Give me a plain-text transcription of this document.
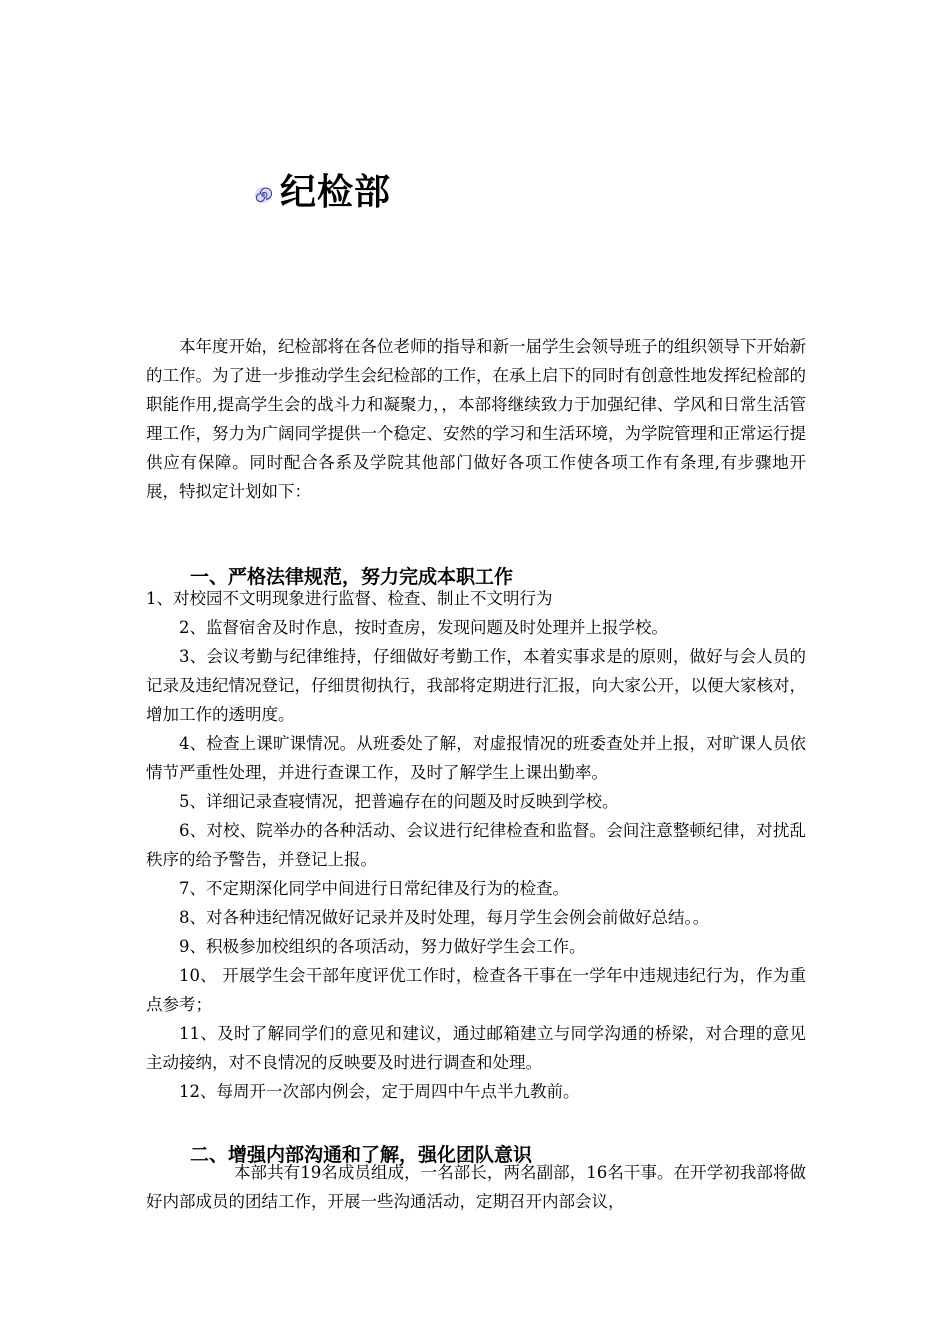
纪检部

本年度开始，纪检部将在各位老师的指导和新一届学生会领导班子的组织领导下开始新的工作。为了进一步推动学生会纪检部的工作，在承上启下的同时有创意性地发挥纪检部的职能作用,提高学生会的战斗力和凝聚力，，本部将继续致力于加强纪律、学风和日常生活管理工作，努力为广阔同学提供一个稳定、安然的学习和生活环境，为学院管理和正常运行提供应有保障。同时配合各系及学院其他部门做好各项工作使各项工作有条理,有步骤地开展，特拟定计划如下：

一、严格法律规范，努力完成本职工作

1、对校园不文明现象进行监督、检查、制止不文明行为

2、监督宿舍及时作息，按时查房，发现问题及时处理并上报学校。

3、会议考勤与纪律维持，仔细做好考勤工作，本着实事求是的原则，做好与会人员的记录及违纪情况登记，仔细贯彻执行，我部将定期进行汇报，向大家公开，以便大家核对，增加工作的透明度。

4、检查上课旷课情况。从班委处了解，对虚报情况的班委查处并上报，对旷课人员依情节严重性处理，并进行查课工作，及时了解学生上课出勤率。

5、详细记录查寝情况，把普遍存在的问题及时反映到学校。

6、对校、院举办的各种活动、会议进行纪律检查和监督。会间注意整顿纪律，对扰乱秩序的给予警告，并登记上报。

7、不定期深化同学中间进行日常纪律及行为的检查。

8、对各种违纪情况做好记录并及时处理，每月学生会例会前做好总结。。

9、积极参加校组织的各项活动，努力做好学生会工作。

10、 开展学生会干部年度评优工作时，检查各干事在一学年中违规违纪行为，作为重点参考；

11、及时了解同学们的意见和建议，通过邮箱建立与同学沟通的桥梁，对合理的意见主动接纳，对不良情况的反映要及时进行调查和处理。

12、每周开一次部内例会，定于周四中午点半九教前。

二、增强内部沟通和了解，强化团队意识

本部共有19名成员组成，一名部长，两名副部，16名干事。在开学初我部将做好内部成员的团结工作，开展一些沟通活动，定期召开内部会议，
